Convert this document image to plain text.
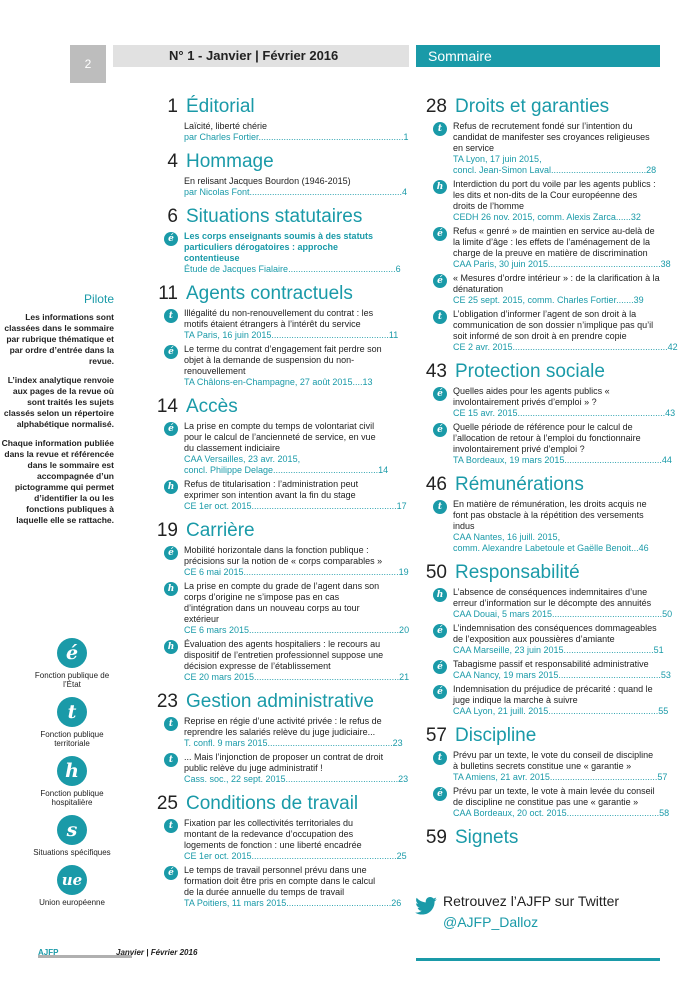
2
N° 1 - Janvier | Février 2016	Sommaire
Pilote

Les informations sont classées dans le sommaire par rubrique thématique et par ordre d’entrée dans la revue.

L’index analytique renvoie aux pages de la revue où sont traités les sujets classés selon un répertoire alphabétique normalisé.

Chaque information publiée dans la revue et référencée dans le sommaire est accompagnée d’un pictogramme qui permet d’identifier la ou les fonctions publiques à laquelle elle se rattache.

é
Fonction publique de l’État
t
Fonction publique territoriale
h
Fonction publique hospitalière
s
Situations spécifiques
ue
Union européenne
1 Éditorial
Laïcité, liberté chérie
par Charles Fortier..........................................................1
4 Hommage
En relisant Jacques Bourdon (1946-2015)
par Nicolas Font.............................................................4
6 Situations statutaires
é	Les corps enseignants soumis à des statuts particuliers dérogatoires : approche contentieuse
Étude de Jacques Fialaire...........................................6
11 Agents contractuels
t	Illégalité du non-renouvellement du contrat : les motifs étaient étrangers à l’intérêt du service
TA Paris, 16 juin 2015...............................................11
é	Le terme du contrat d’engagement fait perdre son objet à la demande de suspension du non-renouvellement
TA Châlons-en-Champagne, 27 août 2015....13
14 Accès
é	La prise en compte du temps de volontariat civil pour le calcul de l’ancienneté de service, en vue du classement indiciaire
CAA Versailles, 23 avr. 2015,
concl. Philippe Delage..........................................14
h	Refus de titularisation : l’administration peut exprimer son intention avant la fin du stage
CE 1er oct. 2015..........................................................17
19 Carrière
é	Mobilité horizontale dans la fonction publique : précisions sur la notion de « corps comparables »
CE 6 mai 2015..............................................................19
h	La prise en compte du grade de l’agent dans son corps d’origine ne s’impose pas en cas d’intégration dans un nouveau corps au tour extérieur
CE 6 mars 2015............................................................20
h	Évaluation des agents hospitaliers : le recours au dispositif de l’entretien professionnel suppose une décision expresse de l’établissement
CE 20 mars 2015..........................................................21
23 Gestion administrative
t	Reprise en régie d’une activité privée : le refus de reprendre les salariés relève du juge judiciaire...
T. confl. 9 mars 2015..................................................23
t	... Mais l’injonction de proposer un contrat de droit public relève du juge administratif !
Cass. soc., 22 sept. 2015.............................................23
25 Conditions de travail
t	Fixation par les collectivités territoriales du montant de la redevance d’occupation des logements de fonction : une liberté encadrée
CE 1er oct. 2015..........................................................25
é	Le temps de travail personnel prévu dans une formation doit être pris en compte dans le calcul de la durée annuelle du temps de travail
TA Poitiers, 11 mars 2015..........................................26
28 Droits et garanties
t	Refus de recrutement fondé sur l’intention du candidat de manifester ses croyances religieuses en service
TA Lyon, 17 juin 2015,
concl. Jean-Simon Laval......................................28
h	Interdiction du port du voile par les agents publics : les dits et non-dits de la Cour européenne des droits de l’homme
CEDH 26 nov. 2015, comm. Alexis Zarca......32
é	Refus « genré » de maintien en service au-delà de la limite d’âge : les effets de l’aménagement de la charge de la preuve en matière de discrimination
CAA Paris, 30 juin 2015.............................................38
é	« Mesures d’ordre intérieur » : de la clarification à la dénaturation
CE 25 sept. 2015, comm. Charles Fortier.......39
t	L’obligation d’informer l’agent de son droit à la communication de son dossier n’implique pas qu’il soit informé de son droit à en prendre copie
CE 2 avr. 2015..............................................................42
43 Protection sociale
é	Quelles aides pour les agents publics « involontairement privés d’emploi » ?
CE 15 avr. 2015...........................................................43
é	Quelle période de référence pour le calcul de l’allocation de retour à l’emploi du fonctionnaire involontairement privé d’emploi ?
TA Bordeaux, 19 mars 2015.......................................44
46 Rémunérations
t	En matière de rémunération, les droits acquis ne font pas obstacle à la répétition des versements indus
CAA Nantes, 16 juill. 2015,
comm. Alexandre Labetoule et Gaëlle Benoit...46
50 Responsabilité
h	L’absence de conséquences indemnitaires d’une erreur d’information sur le décompte des annuités
CAA Douai, 5 mars 2015............................................50
é	L’indemnisation des conséquences dommageables de l’exposition aux poussières d’amiante
CAA Marseille, 23 juin 2015....................................51
é	Tabagisme passif et responsabilité administrative
CAA Nancy, 19 mars 2015.........................................53
é	Indemnisation du préjudice de précarité : quand le juge indique la marche à suivre
CAA Lyon, 21 juill. 2015............................................55
57 Discipline
t	Prévu par un texte, le vote du conseil de discipline à bulletins secrets constitue une « garantie »
TA Amiens, 21 avr. 2015...........................................57
é	Prévu par un texte, le vote à main levée du conseil de discipline ne constitue pas une « garantie »
CAA Bordeaux, 20 oct. 2015.....................................58
59 Signets
Retrouvez l’AJFP sur Twitter
@AJFP_Dalloz
AJFP	Janvier | Février 2016
